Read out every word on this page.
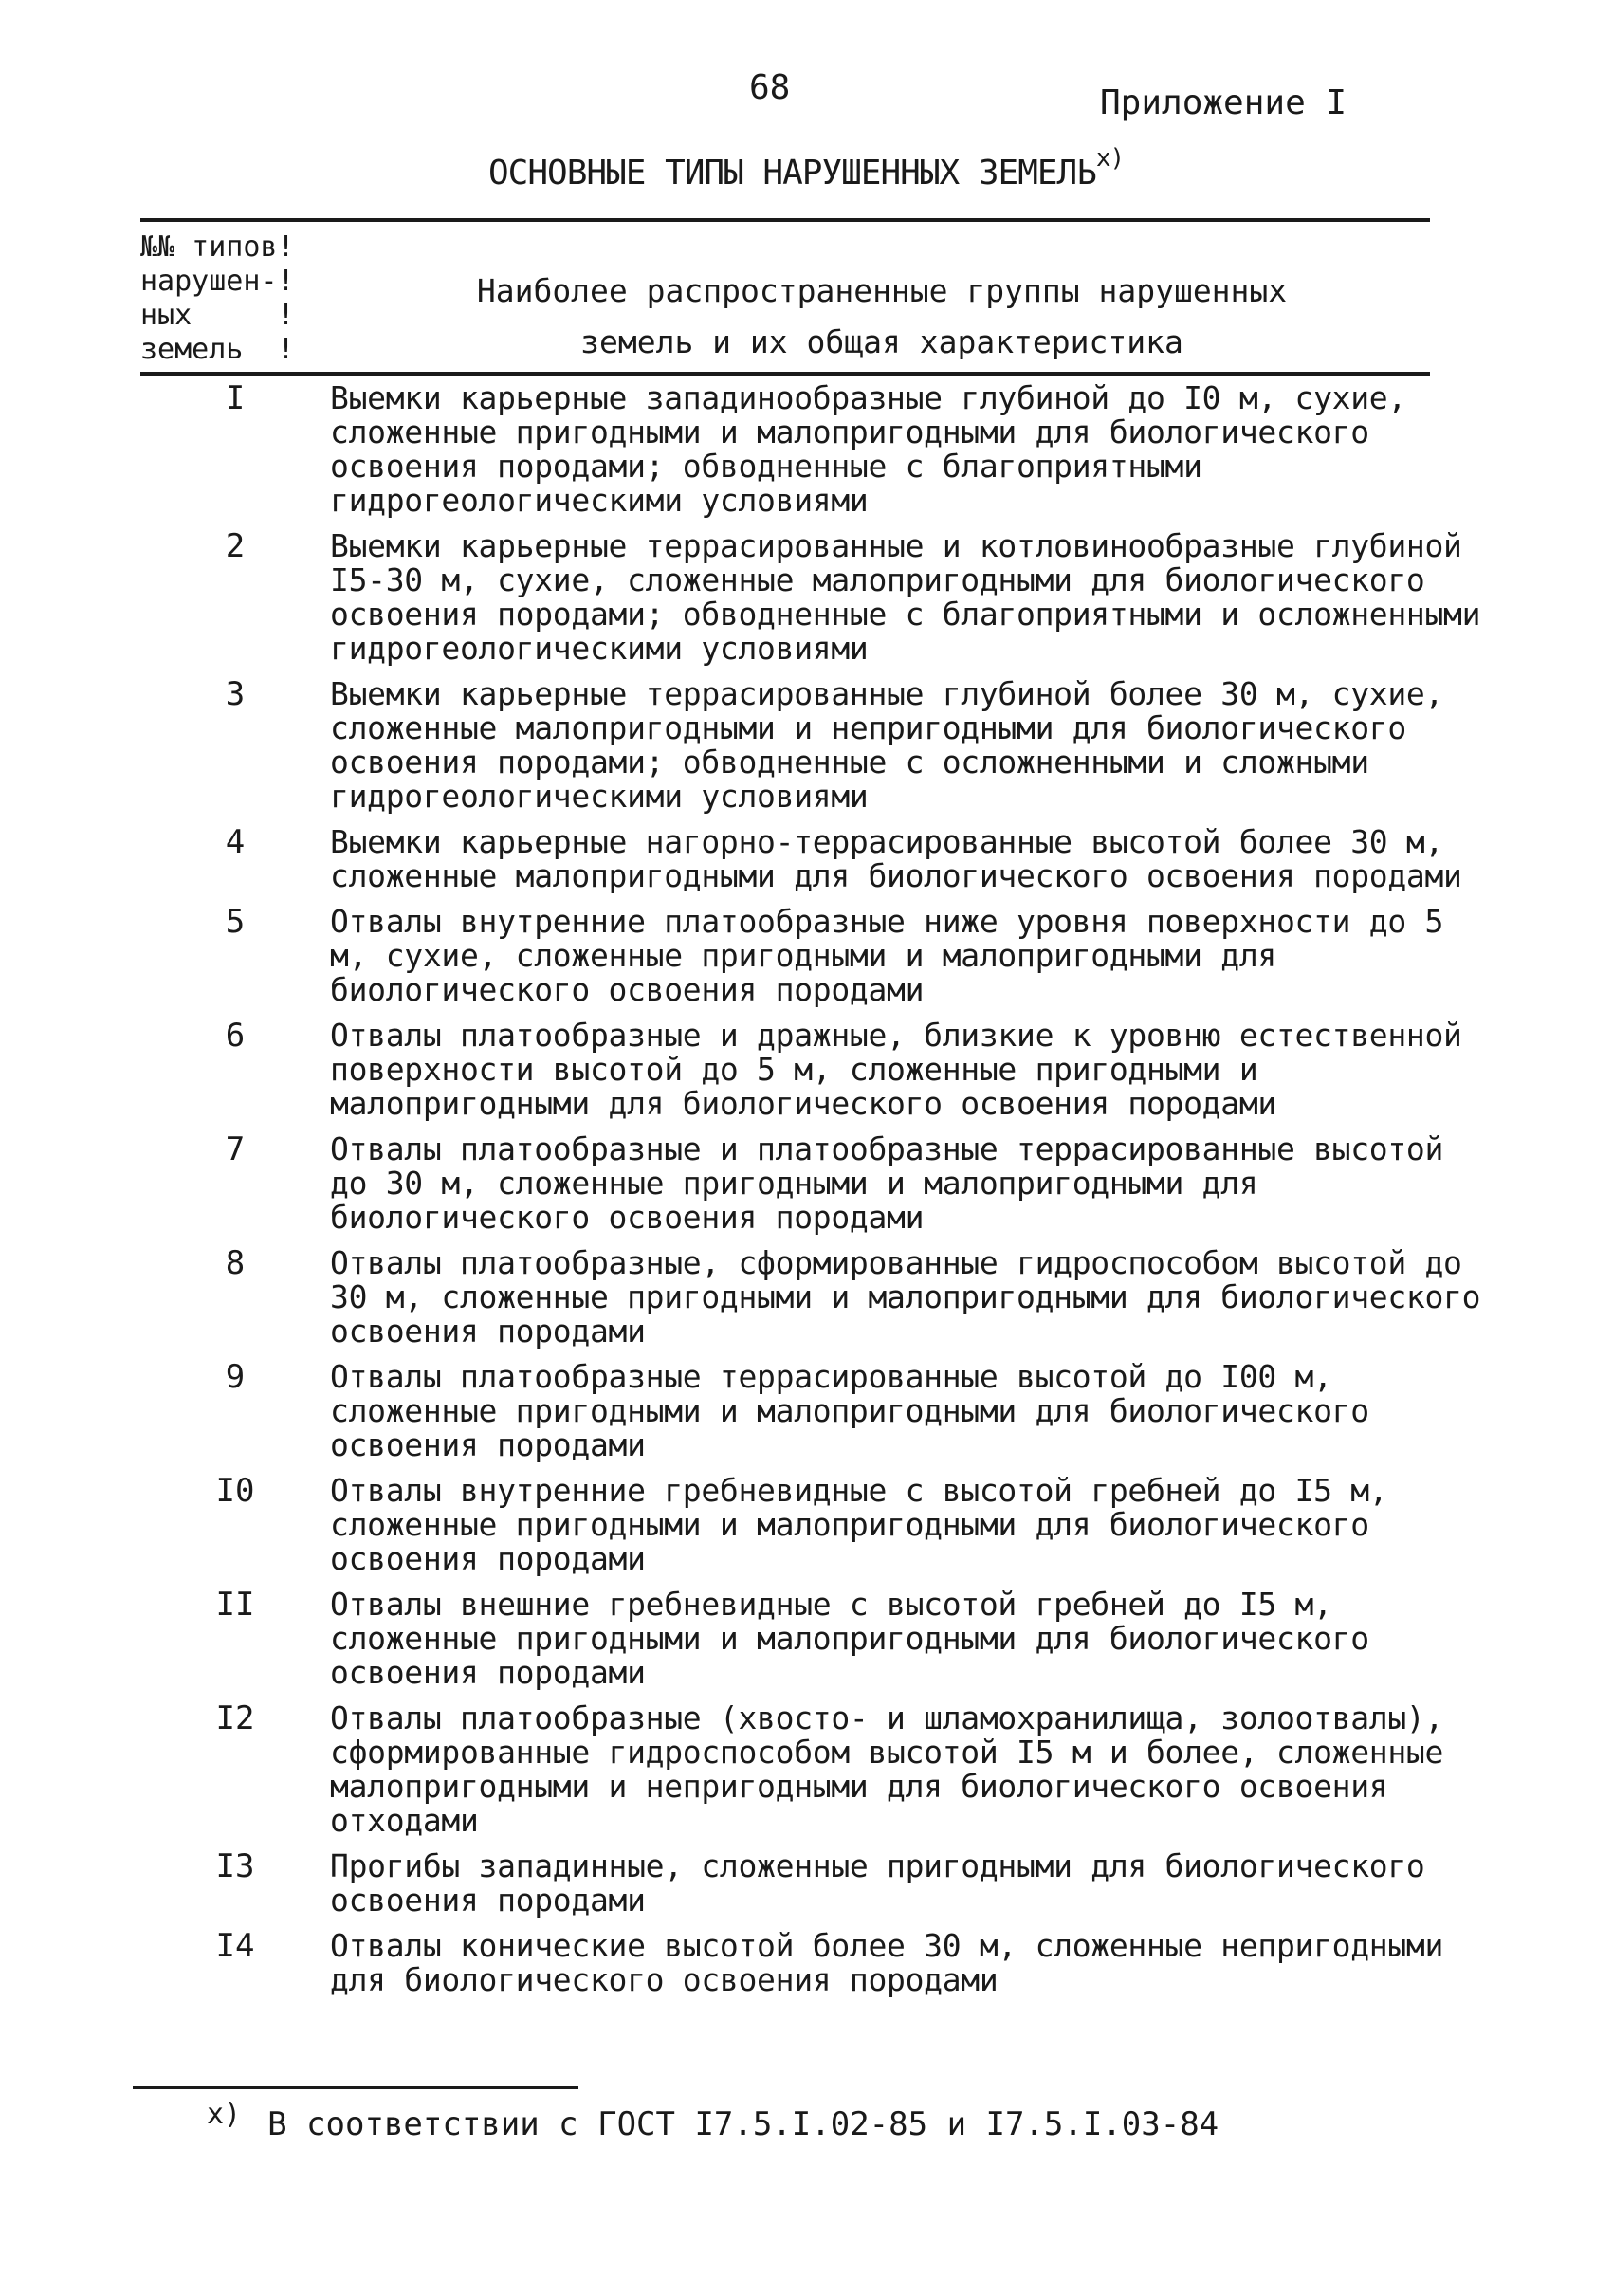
68	Приложение I
ОСНОВНЫЕ ТИПЫ НАРУШЕННЫХ ЗЕМЕЛЬ$^{x)}$
№№ типов!
нарушен-!
ных     !
земель  !
Наиболее распространенные группы нарушенных
земель и их общая характеристика
I	Выемки карьерные западинообразные глубиной до I0 м, сухие, сложенные пригодными и малопригодными для биологического освоения породами; обводненные с благоприятными гидрогеологическими условиями
2	Выемки карьерные террасированные и котловинообразные глубиной I5-30 м, сухие, сложенные малопригодными для биологического освоения породами; обводненные с благоприятными и осложненными гидрогеологическими условиями
3	Выемки карьерные террасированные глубиной более 30 м, сухие, сложенные малопригодными и непригодными для биологического освоения породами; обводненные с осложненными и сложными гидрогеологическими условиями
4	Выемки карьерные нагорно-террасированные высотой более 30 м, сложенные малопригодными для биологического освоения породами
5	Отвалы внутренние платообразные ниже уровня поверхности до 5 м, сухие, сложенные пригодными и малопригодными для биологического освоения породами
6	Отвалы платообразные и дражные, близкие к уровню естественной поверхности высотой до 5 м, сложенные пригодными и малопригодными для биологического освоения породами
7	Отвалы платообразные и платообразные террасированные высотой до 30 м, сложенные пригодными и малопригодными для биологического освоения породами
8	Отвалы платообразные, сформированные гидроспособом высотой до 30 м, сложенные пригодными и малопригодными для биологического освоения породами
9	Отвалы платообразные террасированные высотой до I00 м, сложенные пригодными и малопригодными для биологического освоения породами
I0	Отвалы внутренние гребневидные с высотой гребней до I5 м, сложенные пригодными и малопригодными для биологического освоения породами
II	Отвалы внешние гребневидные с высотой гребней до I5 м, сложенные пригодными и малопригодными для биологического освоения породами
I2	Отвалы платообразные (хвосто- и шламохранилища, золоотвалы), сформированные гидроспособом высотой I5 м и более, сложенные малопригодными и непригодными для биологического освоения отходами
I3	Прогибы западинные, сложенные пригодными для биологического освоения породами
I4	Отвалы конические высотой более 30 м, сложенные непригодными для биологического освоения породами
x) В соответствии с ГОСТ I7.5.I.02-85 и I7.5.I.03-84
